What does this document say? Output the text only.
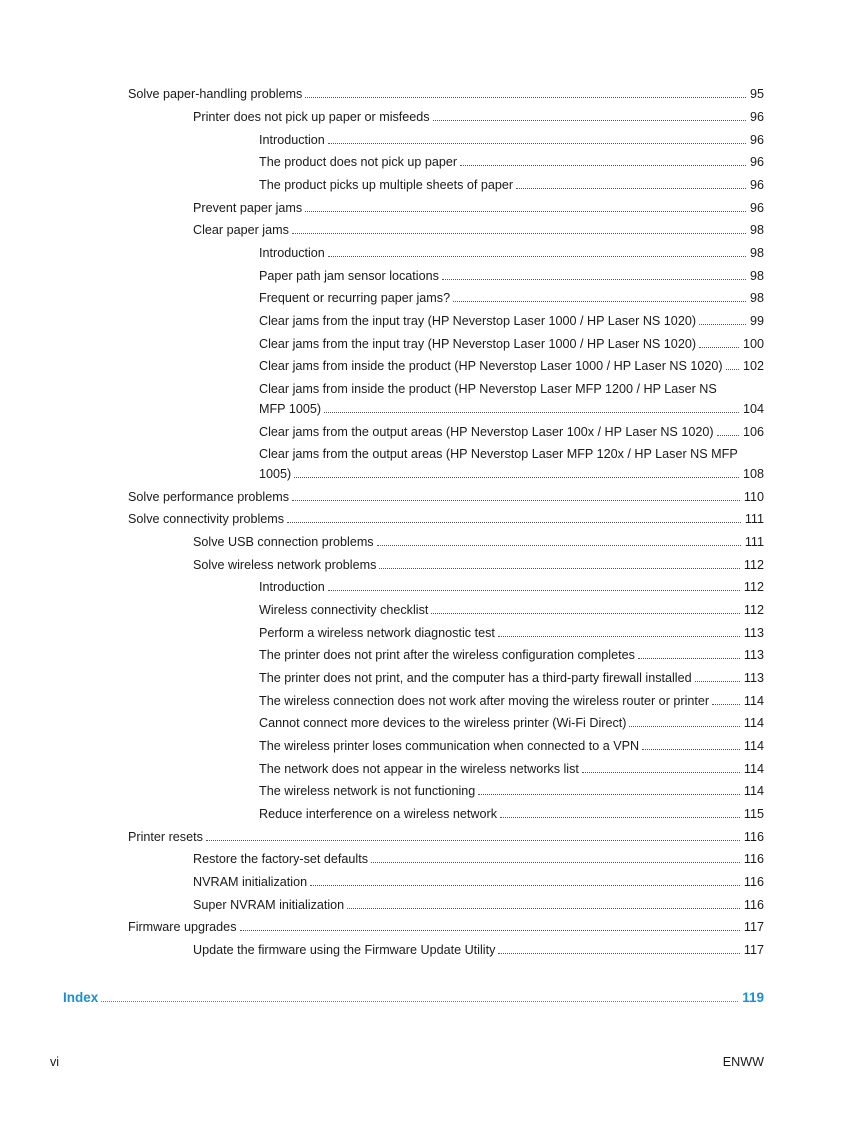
Solve paper-handling problems	95
Printer does not pick up paper or misfeeds	96
Introduction	96
The product does not pick up paper	96
The product picks up multiple sheets of paper	96
Prevent paper jams	96
Clear paper jams	98
Introduction	98
Paper path jam sensor locations	98
Frequent or recurring paper jams?	98
Clear jams from the input tray (HP Neverstop Laser 1000 / HP Laser NS 1020)	99
Clear jams from the input tray (HP Neverstop Laser 1000 / HP Laser NS 1020)	100
Clear jams from inside the product (HP Neverstop Laser 1000 / HP Laser NS 1020)	102
Clear jams from inside the product (HP Neverstop Laser MFP 1200 / HP Laser NS
MFP 1005)	104
Clear jams from the output areas (HP Neverstop Laser 100x / HP Laser NS 1020)	106
Clear jams from the output areas (HP Neverstop Laser MFP 120x / HP Laser NS MFP
1005)	108
Solve performance problems	110
Solve connectivity problems	111
Solve USB connection problems	111
Solve wireless network problems	112
Introduction	112
Wireless connectivity checklist	112
Perform a wireless network diagnostic test	113
The printer does not print after the wireless configuration completes	113
The printer does not print, and the computer has a third-party firewall installed	113
The wireless connection does not work after moving the wireless router or printer	114
Cannot connect more devices to the wireless printer (Wi-Fi Direct)	114
The wireless printer loses communication when connected to a VPN	114
The network does not appear in the wireless networks list	114
The wireless network is not functioning	114
Reduce interference on a wireless network	115
Printer resets	116
Restore the factory-set defaults	116
NVRAM initialization	116
Super NVRAM initialization	116
Firmware upgrades	117
Update the firmware using the Firmware Update Utility	117
Index	119
vi	ENWW
